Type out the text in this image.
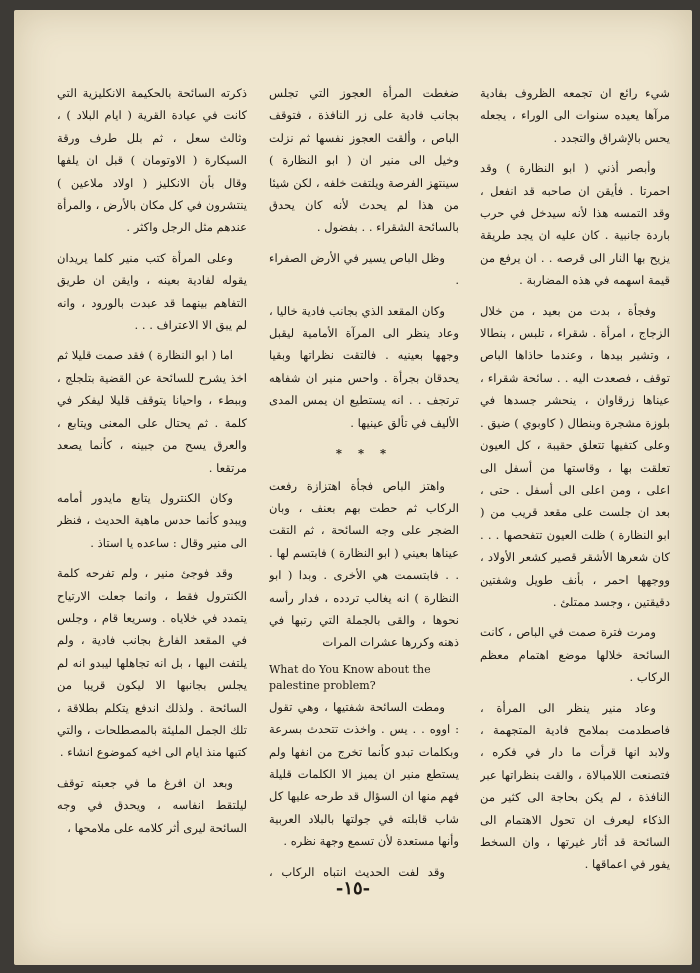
شيء رائع ان تجمعه الظروف بفادية مرآها يعيده سنوات الى الوراء ، يجعله يحس بالإشراق والتجدد .

وأبصر أذني ( ابو النظارة ) وقد احمرتا . فأيقن ان صاحبه قد انفعل ، وقد التمسه هذا لأنه سيدخل في حرب باردة جانبية . كان عليه ان يجد طريقة يزيح بها النار الى قرصه . . ان يرفع من قيمة اسهمه في هذه المضاربة .

وفجأة ، بدت من بعيد ، من خلال الزجاج ، امرأة . شقراء ، تلبس ، بنطالا ، وتشير بيدها ، وعندما حاذاها الباص توقف ، فصعدت اليه . . سائحة شقراء ، عيناها زرقاوان ، ينحشر جسدها في بلوزة مشجرة وبنطال ( كاوبوي ) ضيق . وعلى كتفيها تتعلق حقيبة ، كل العيون تعلقت بها ، وقاستها من أسفل الى اعلى ، ومن اعلى الى أسفل . حتى ، بعد ان جلست على مقعد قريب من ( ابو النظارة ) ظلت العيون تتفحصها . . . كان شعرها الأشقر قصير كشعر الأولاد ، ووجهها احمر ، بأنف طويل وشفتين دقيقتين ، وجسد ممتلئ .

ومرت فترة صمت في الباص ، كانت السائحة خلالها موضع اهتمام معظم الركاب .

وعاد منير ينظر الى المرأة ، فاصطدمت بملامح فادية المتجهمة ، ولابد انها قرأت ما دار في فكره ، فتصنعت اللامبالاة ، والقت بنظراتها عبر النافذة ، لم يكن بحاجة الى كثير من الذكاء ليعرف ان تحول الاهتمام الى السائحة قد أثار غيرتها ، وان السخط يفور في اعماقها .

ضغطت المرأة العجوز التي تجلس بجانب فادية على زر النافذة ، فتوقف الباص ، وألقت العجوز نفسها ثم نزلت وخيل الى منير ان ( ابو النظارة ) سينتهز الفرصة ويلتفت خلفه ، لكن شيئا من هذا لم يحدث لأنه كان يحدق بالسائحة الشقراء . . بفضول .

وظل الباص يسير في الأرض الصفراء .

وكان المقعد الذي بجانب فادية خاليا ، وعاد ينظر الى المرآة الأمامية ليقبل وجهها بعينيه . فالتقت نظراتها وبقيا يحدقان بجرأة . واحس منير ان شفاهه ترتجف . . انه يستطيع ان يمس المدى الأليف في تألق عينيها .

* * *

واهتز الباص فجأة اهتزازة رفعت الركاب ثم حطت بهم بعنف ، وبان الضجر على وجه السائحة ، ثم التقت عيناها بعيني ( ابو النظارة ) فابتسم لها . . . فابتسمت هي الأخرى . وبدا ( ابو النظارة ) انه يغالب تردده ، فدار رأسه نحوها ، والقى بالجملة التي رتبها في ذهنه وكررها عشرات المرات

What do You Know about the palestine problem?

ومطت السائحة شفتيها ، وهي تقول : اووه . . يس . واخذت تتحدث بسرعة وبكلمات تبدو كأنما تخرج من انفها ولم يستطع منير ان يميز الا الكلمات قليلة فهم منها ان السؤال قد طرحه عليها كل شاب قابلته في جولتها بالبلاد العربية وأنها مستعدة لأن تسمع وجهة نظره .

وقد لفت الحديث انتباه الركاب ،

ذكرته السائحة بالحكيمة الانكليزية التي كانت في عيادة القرية ( ايام البلاد ) ، وثالث سعل ، ثم بلل طرف ورقة السيكارة ( الاوتومان ) قبل ان يلفها وقال بأن الانكليز ( اولاد ملاعين ) ينتشرون في كل مكان بالأرض ، والمرأة عندهم مثل الرجل واكثر .

وعلى المرأة كتب منير كلما يريدان يقوله لفادية بعينه ، وايقن ان طريق التفاهم بينهما قد عبدت بالورود ، وانه لم يبق الا الاعتراف . . .

اما ( ابو النظارة ) فقد صمت قليلا ثم اخذ يشرح للسائحة عن القضية بتلجلج ، وببطء ، واحيانا يتوقف قليلا ليفكر في كلمة . ثم يحتال على المعنى ويتابع ، والعرق يسح من جبينه ، كأنما يصعد مرتقعا .

وكان الكنترول يتابع مايدور أمامه ويبدو كأنما حدس ماهية الحديث ، فنظر الى منير وقال : ساعده يا استاذ .

وقد فوجئ منير ، ولم تفرحه كلمة الكنترول فقط ، وانما جعلت الارتياح يتمدد في خلاياه . وسريعا قام ، وجلس في المقعد الفارغ بجانب فادية ، ولم يلتفت اليها ، بل انه تجاهلها ليبدو انه لم يجلس بجانبها الا ليكون قريبا من السائحة . ولذلك اندفع يتكلم بطلاقة ، تلك الجمل المليئة بالمصطلحات ، والتي كتبها منذ ايام الى اخيه كموضوع انشاء .

وبعد ان افرغ ما في جعبته توقف ليلتقط انفاسه ، ويحدق في وجه السائحة ليرى أثر كلامه على ملامحها ،

-١٥-
